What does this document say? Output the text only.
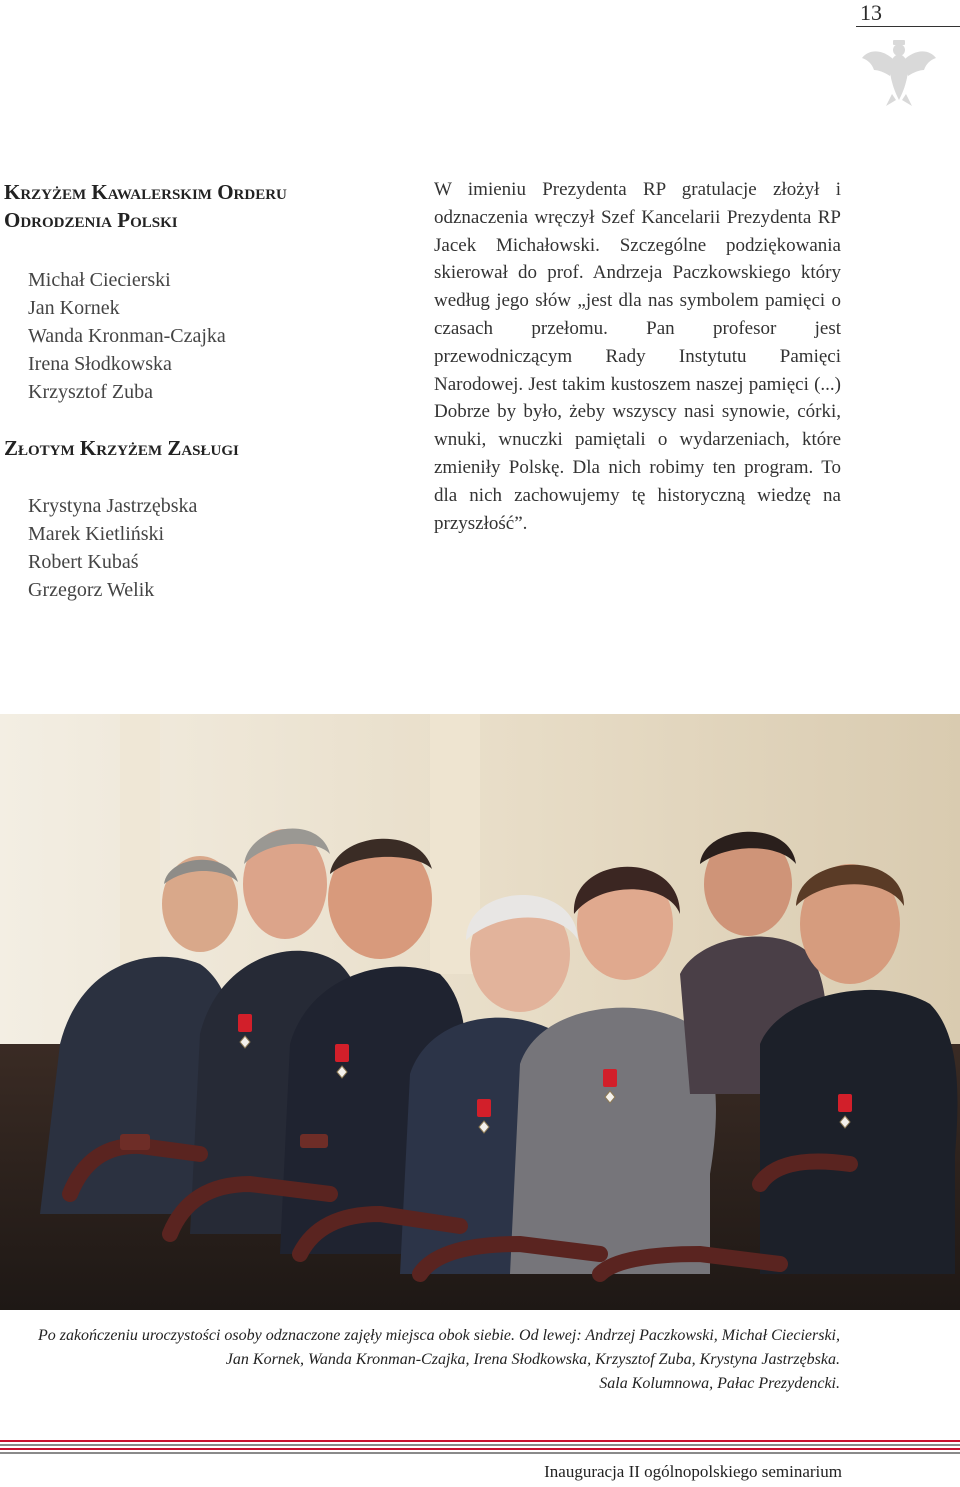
13
Krzyżem Kawalerskim Orderu Odrodzenia Polski
Michał Ciecierski
Jan Kornek
Wanda Kronman-Czajka
Irena Słodkowska
Krzysztof Zuba
Złotym Krzyżem Zasługi
Krystyna Jastrzębska
Marek Kietliński
Robert Kubaś
Grzegorz Welik

W imieniu Prezydenta RP gratulacje złożył i odznaczenia wręczył Szef Kancelarii Prezydenta RP Jacek Michałowski. Szczególne podziękowania skierował do prof. Andrzeja Paczkowskiego który według jego słów „jest dla nas symbolem pamięci o czasach przełomu. Pan profesor jest przewodniczącym Rady Instytutu Pamięci Narodowej. Jest takim kustoszem naszej pamięci (...) Dobrze by było, żeby wszyscy nasi synowie, córki, wnuki, wnuczki pamiętali o wydarzeniach, które zmieniły Polskę. Dla nich robimy ten program. To dla nich zachowujemy tę historyczną wiedzę na przyszłość”.

Po zakończeniu uroczystości osoby odznaczone zajęły miejsca obok siebie. Od lewej: Andrzej Paczkowski, Michał Ciecierski,
Jan Kornek, Wanda Kronman-Czajka, Irena Słodkowska, Krzysztof Zuba, Krystyna Jastrzębska.
Sala Kolumnowa, Pałac Prezydencki.
Inauguracja II ogólnopolskiego seminarium
